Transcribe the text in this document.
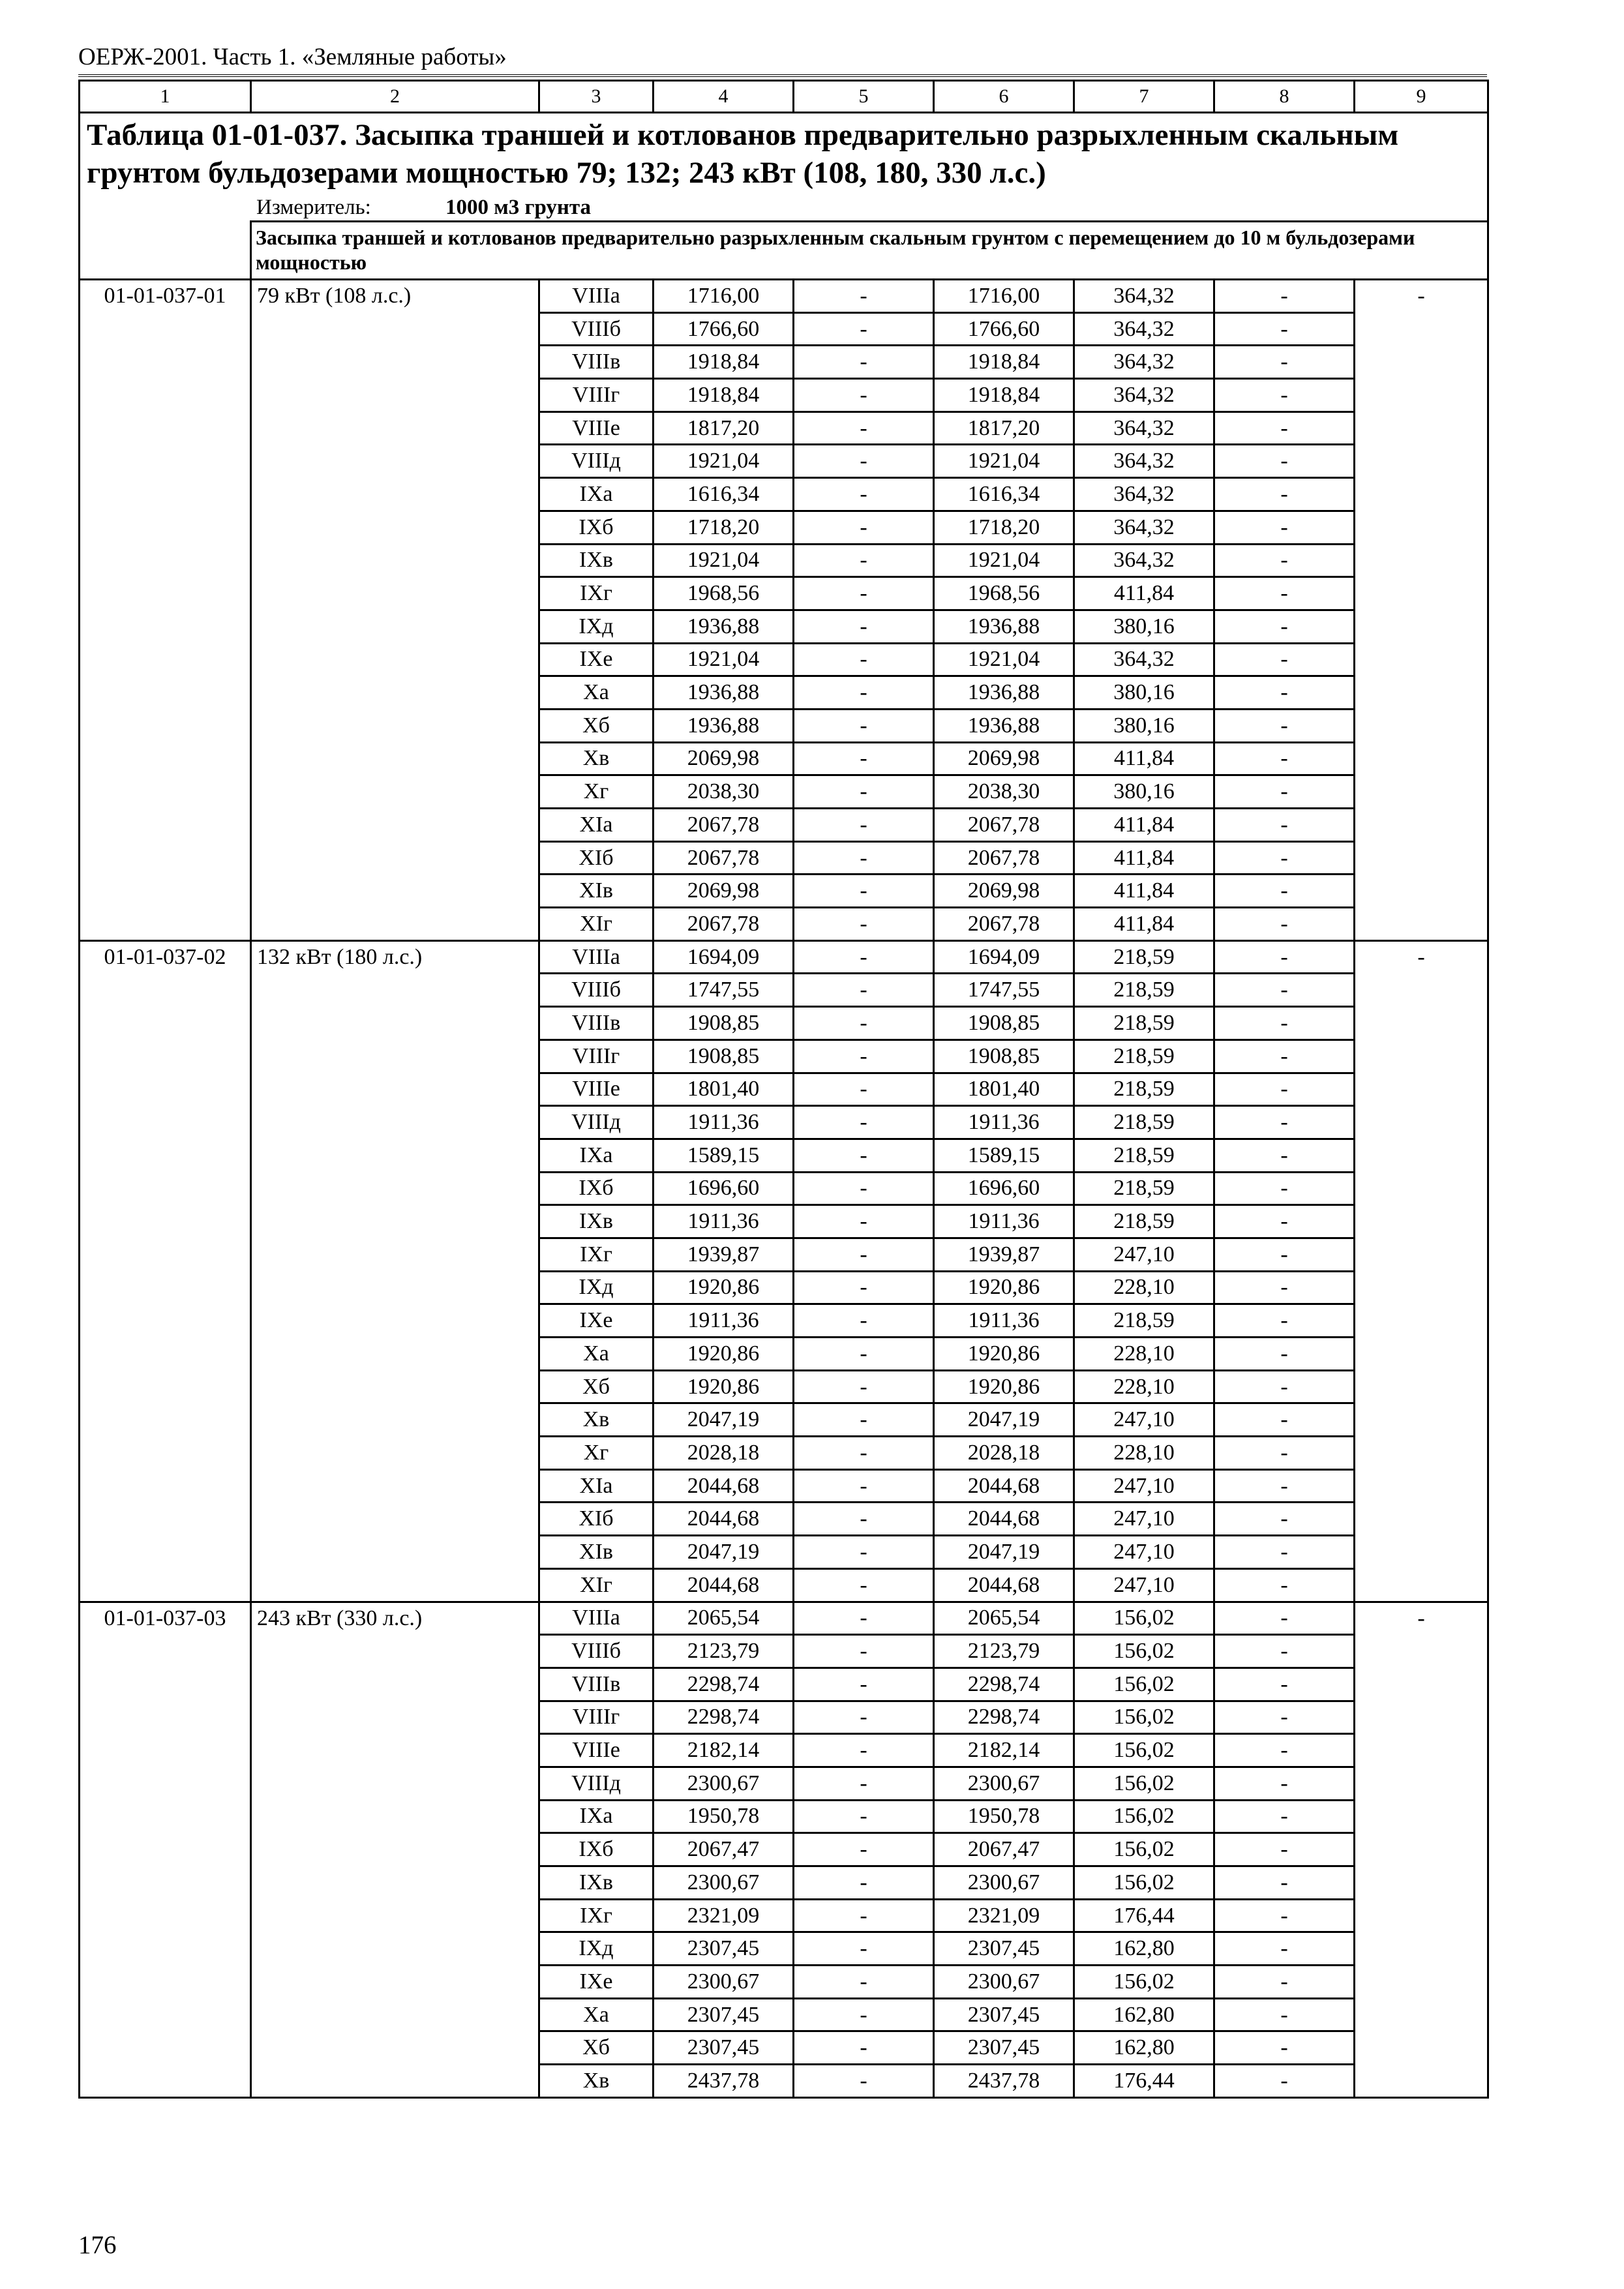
ОЕРЖ-2001. Часть 1. «Земляные работы»
1	2	3	4	5	6	7	8	9

Таблица 01-01-037. Засыпка траншей и котлованов предварительно разрыхленным скальным грунтом бульдозерами мощностью 79; 132; 243 кВт (108, 180, 330 л.с.)
Измеритель: 1000 м3 грунта								

	Засыпка траншей и котлованов предварительно разрыхленным скальным грунтом с перемещением до 10 м бульдозерами мощностью							
01-01-037-01	79 кВт (108 л.с.)	VIIIа	1716,00	-	1716,00	364,32	-	-
		VIIIб	1766,60	-	1766,60	364,32	-	
		VIIIв	1918,84	-	1918,84	364,32	-	
		VIIIг	1918,84	-	1918,84	364,32	-	
		VIIIе	1817,20	-	1817,20	364,32	-	
		VIIIд	1921,04	-	1921,04	364,32	-	
		IXа	1616,34	-	1616,34	364,32	-	
		IXб	1718,20	-	1718,20	364,32	-	
		IXв	1921,04	-	1921,04	364,32	-	
		IXг	1968,56	-	1968,56	411,84	-	
		IXд	1936,88	-	1936,88	380,16	-	
		IXе	1921,04	-	1921,04	364,32	-	
		Xа	1936,88	-	1936,88	380,16	-	
		Xб	1936,88	-	1936,88	380,16	-	
		Xв	2069,98	-	2069,98	411,84	-	
		Xг	2038,30	-	2038,30	380,16	-	
		XIа	2067,78	-	2067,78	411,84	-	
		XIб	2067,78	-	2067,78	411,84	-	
		XIв	2069,98	-	2069,98	411,84	-	
		XIг	2067,78	-	2067,78	411,84	-	
01-01-037-02	132 кВт (180 л.с.)	VIIIа	1694,09	-	1694,09	218,59	-	-
		VIIIб	1747,55	-	1747,55	218,59	-	
		VIIIв	1908,85	-	1908,85	218,59	-	
		VIIIг	1908,85	-	1908,85	218,59	-	
		VIIIе	1801,40	-	1801,40	218,59	-	
		VIIIд	1911,36	-	1911,36	218,59	-	
		IXа	1589,15	-	1589,15	218,59	-	
		IXб	1696,60	-	1696,60	218,59	-	
		IXв	1911,36	-	1911,36	218,59	-	
		IXг	1939,87	-	1939,87	247,10	-	
		IXд	1920,86	-	1920,86	228,10	-	
		IXе	1911,36	-	1911,36	218,59	-	
		Xа	1920,86	-	1920,86	228,10	-	
		Xб	1920,86	-	1920,86	228,10	-	
		Xв	2047,19	-	2047,19	247,10	-	
		Xг	2028,18	-	2028,18	228,10	-	
		XIа	2044,68	-	2044,68	247,10	-	
		XIб	2044,68	-	2044,68	247,10	-	
		XIв	2047,19	-	2047,19	247,10	-	
		XIг	2044,68	-	2044,68	247,10	-	
01-01-037-03	243 кВт (330 л.с.)	VIIIа	2065,54	-	2065,54	156,02	-	-
		VIIIб	2123,79	-	2123,79	156,02	-	
		VIIIв	2298,74	-	2298,74	156,02	-	
		VIIIг	2298,74	-	2298,74	156,02	-	
		VIIIе	2182,14	-	2182,14	156,02	-	
		VIIIд	2300,67	-	2300,67	156,02	-	
		IXа	1950,78	-	1950,78	156,02	-	
		IXб	2067,47	-	2067,47	156,02	-	
		IXв	2300,67	-	2300,67	156,02	-	
		IXг	2321,09	-	2321,09	176,44	-	
		IXд	2307,45	-	2307,45	162,80	-	
		IXе	2300,67	-	2300,67	156,02	-	
		Xа	2307,45	-	2307,45	162,80	-	
		Xб	2307,45	-	2307,45	162,80	-	
		Xв	2437,78	-	2437,78	176,44	-	
176
